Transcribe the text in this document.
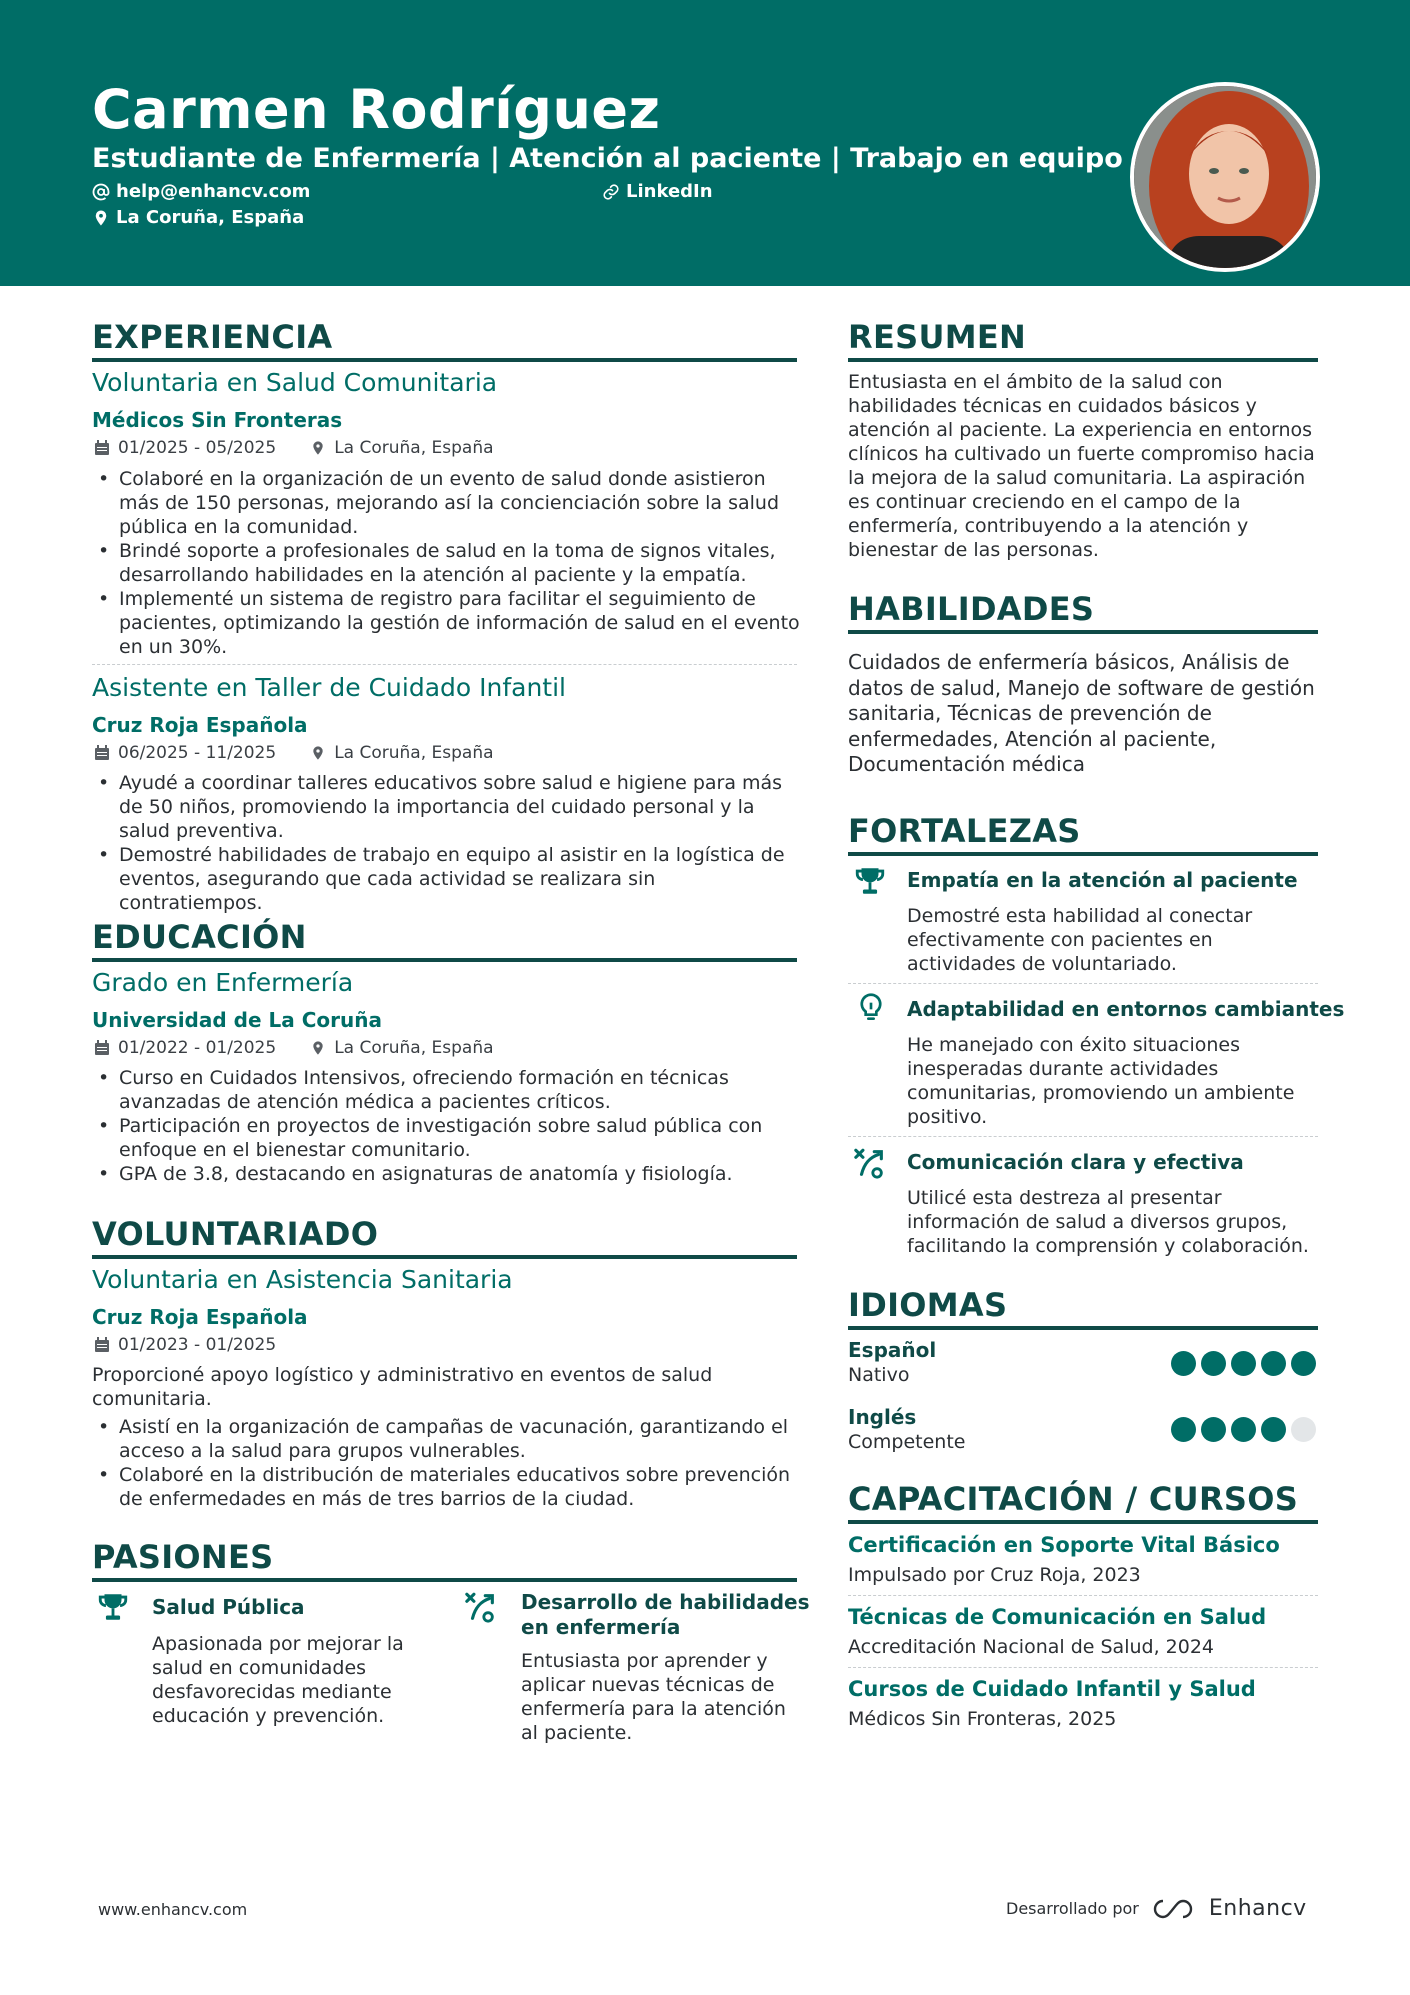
Carmen Rodríguez
Estudiante de Enfermería | Atención al paciente | Trabajo en equipo
help@enhancv.com	LinkedIn
La Coruña, España
EXPERIENCIA
Voluntaria en Salud Comunitaria
Médicos Sin Fronteras
01/2025 - 05/2025	La Coruña, España
• Colaboré en la organización de un evento de salud donde asistieron más de 150 personas, mejorando así la concienciación sobre la salud pública en la comunidad.
• Brindé soporte a profesionales de salud en la toma de signos vitales, desarrollando habilidades en la atención al paciente y la empatía.
• Implementé un sistema de registro para facilitar el seguimiento de pacientes, optimizando la gestión de información de salud en el evento en un 30%.
Asistente en Taller de Cuidado Infantil
Cruz Roja Española
06/2025 - 11/2025	La Coruña, España
• Ayudé a coordinar talleres educativos sobre salud e higiene para más de 50 niños, promoviendo la importancia del cuidado personal y la salud preventiva.
• Demostré habilidades de trabajo en equipo al asistir en la logística de eventos, asegurando que cada actividad se realizara sin contratiempos.
EDUCACIÓN
Grado en Enfermería
Universidad de La Coruña
01/2022 - 01/2025	La Coruña, España
• Curso en Cuidados Intensivos, ofreciendo formación en técnicas avanzadas de atención médica a pacientes críticos.
• Participación en proyectos de investigación sobre salud pública con enfoque en el bienestar comunitario.
• GPA de 3.8, destacando en asignaturas de anatomía y fisiología.
VOLUNTARIADO
Voluntaria en Asistencia Sanitaria
Cruz Roja Española
01/2023 - 01/2025
Proporcioné apoyo logístico y administrativo en eventos de salud comunitaria.
• Asistí en la organización de campañas de vacunación, garantizando el acceso a la salud para grupos vulnerables.
• Colaboré en la distribución de materiales educativos sobre prevención de enfermedades en más de tres barrios de la ciudad.
PASIONES
Salud Pública
Apasionada por mejorar la salud en comunidades desfavorecidas mediante educación y prevención.
Desarrollo de habilidades en enfermería
Entusiasta por aprender y aplicar nuevas técnicas de enfermería para la atención al paciente.
RESUMEN
Entusiasta en el ámbito de la salud con habilidades técnicas en cuidados básicos y atención al paciente. La experiencia en entornos clínicos ha cultivado un fuerte compromiso hacia la mejora de la salud comunitaria. La aspiración es continuar creciendo en el campo de la enfermería, contribuyendo a la atención y bienestar de las personas.
HABILIDADES
Cuidados de enfermería básicos, Análisis de datos de salud, Manejo de software de gestión sanitaria, Técnicas de prevención de enfermedades, Atención al paciente, Documentación médica
FORTALEZAS
Empatía en la atención al paciente
Demostré esta habilidad al conectar efectivamente con pacientes en actividades de voluntariado.
Adaptabilidad en entornos cambiantes
He manejado con éxito situaciones inesperadas durante actividades comunitarias, promoviendo un ambiente positivo.
Comunicación clara y efectiva
Utilicé esta destreza al presentar información de salud a diversos grupos, facilitando la comprensión y colaboración.
IDIOMAS
Español
Nativo
Inglés
Competente
CAPACITACIÓN / CURSOS
Certificación en Soporte Vital Básico
Impulsado por Cruz Roja, 2023
Técnicas de Comunicación en Salud
Accreditación Nacional de Salud, 2024
Cursos de Cuidado Infantil y Salud
Médicos Sin Fronteras, 2025
www.enhancv.com	Desarrollado por	Enhancv
